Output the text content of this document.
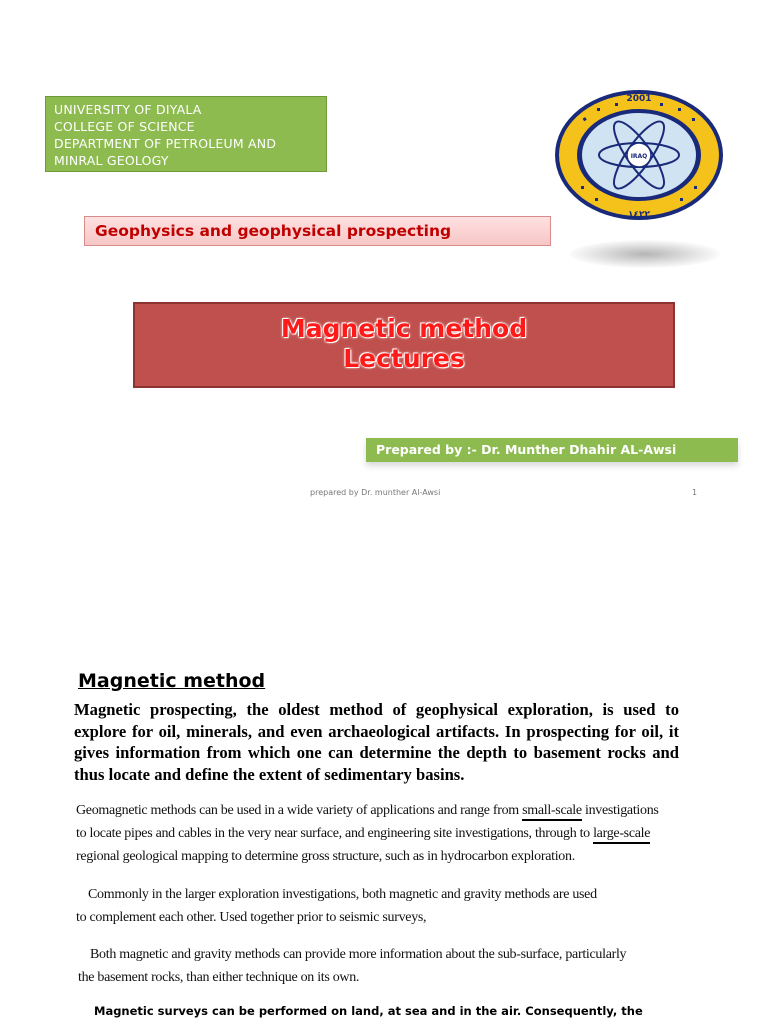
UNIVERSITY OF DIYALA
COLLEGE OF SCIENCE
DEPARTMENT OF PETROLEUM AND
MINRAL GEOLOGY	IRAQ
2001
١٤٢٢
Geophysics and geophysical prospecting
Magnetic method
Lectures
Prepared by :- Dr. Munther Dhahir AL-Awsi
prepared by Dr. munther Al-Awsi	1
Magnetic method
Magnetic prospecting, the oldest method of geophysical exploration, is used to explore for oil, minerals, and even archaeological artifacts. In prospecting for oil, it gives information from which one can determine the depth to basement rocks and thus locate and define the extent of sedimentary basins.
Geomagnetic methods can be used in a wide variety of applications and range from small-scale investigations
to locate pipes and cables in the very near surface, and engineering site investigations, through to large-scale
regional geological mapping to determine gross structure, such as in hydrocarbon exploration.
Commonly in the larger exploration investigations, both magnetic and gravity methods are used
to complement each other. Used together prior to seismic surveys,
Both magnetic and gravity methods can provide more information about the sub-surface, particularly
the basement rocks, than either technique on its own.
Magnetic surveys can be performed on land, at sea and in the air. Consequently, the
